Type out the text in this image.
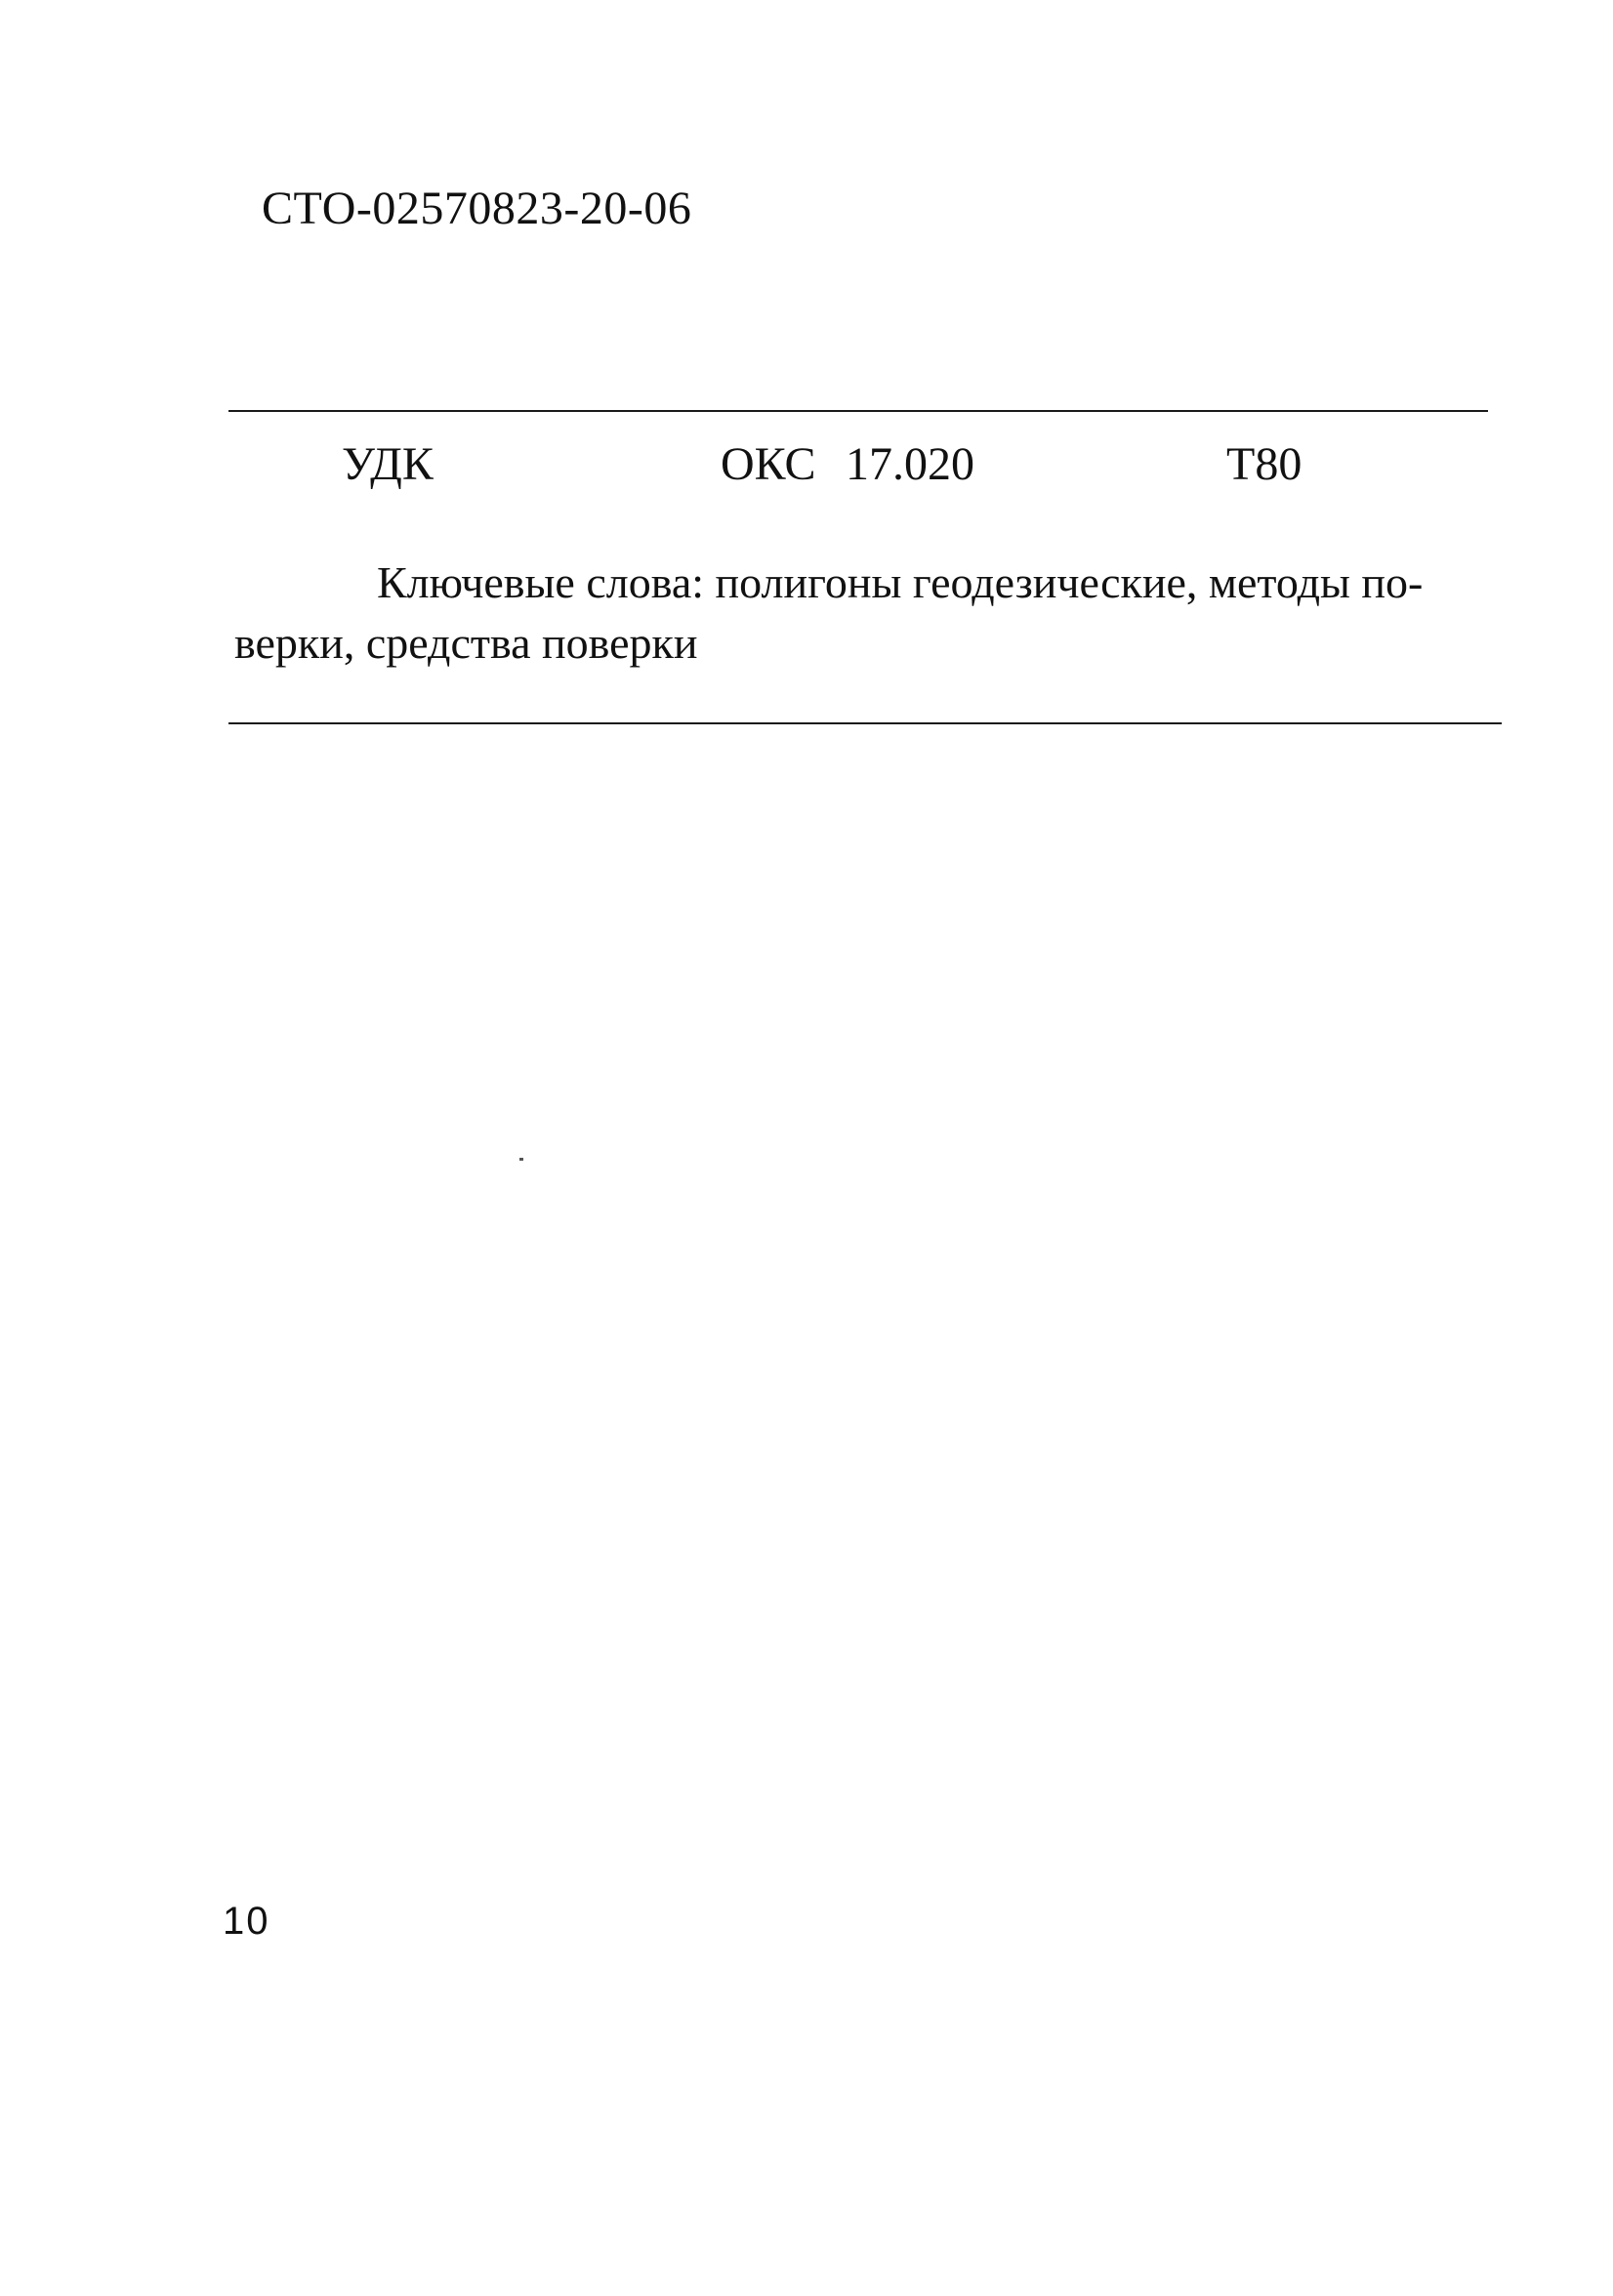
СТО-02570823-20-06
УДК	ОКС 17.020	Т80
Ключевые слова: полигоны геодезические, методы по-
верки, средства поверки
10
